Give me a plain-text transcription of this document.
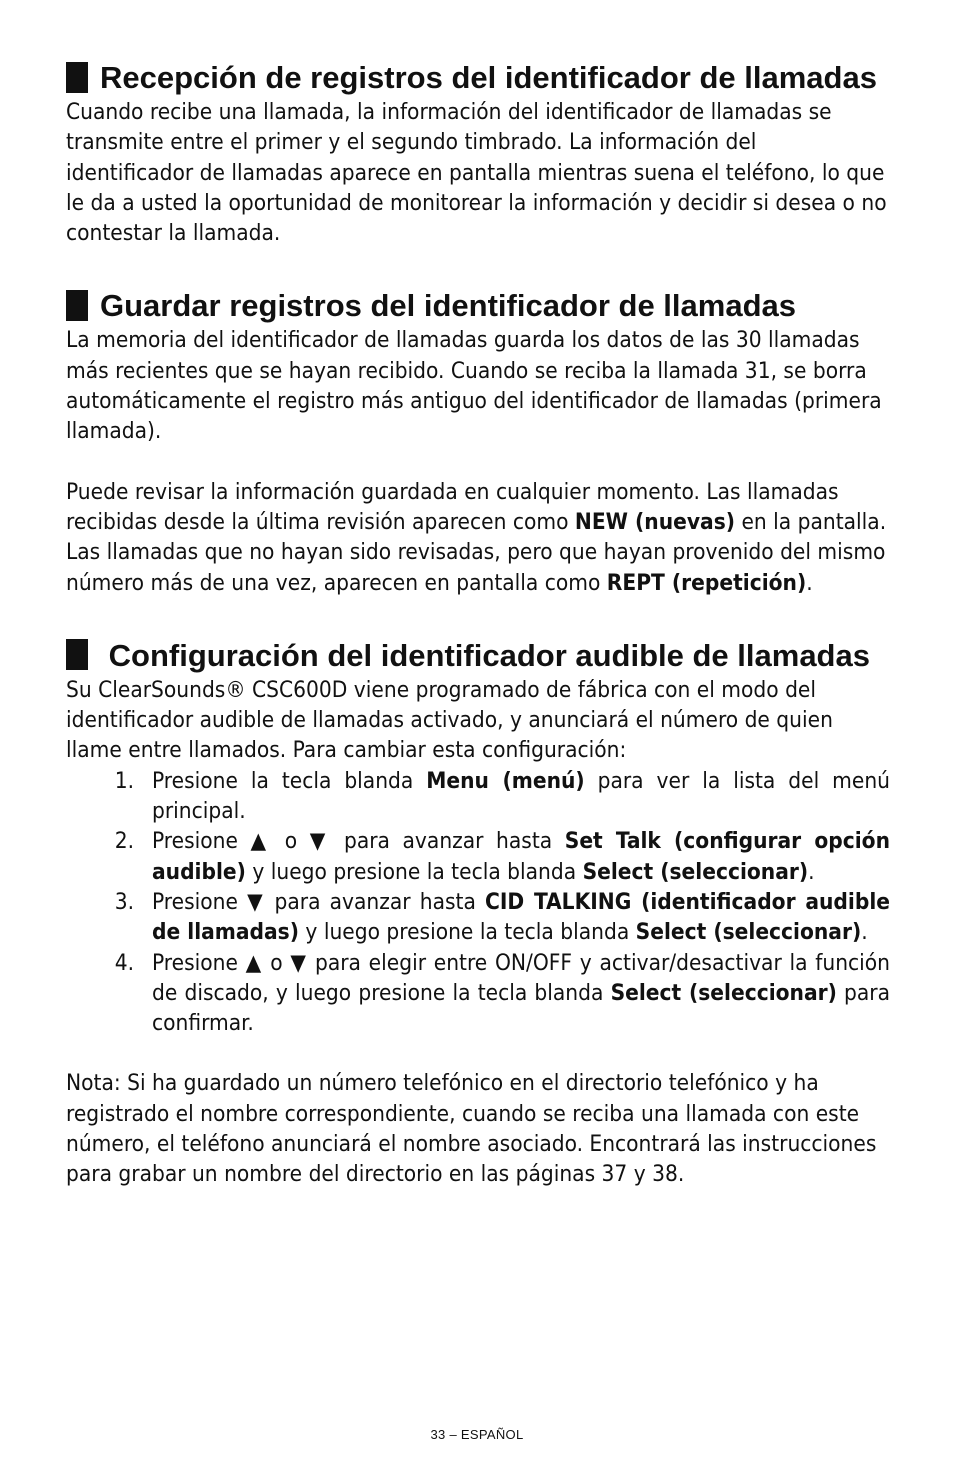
Recepción de registros del identificador de llamadas

Cuando recibe una llamada, la información del identificador de llamadas se transmite entre el primer y el segundo timbrado. La información del identificador de llamadas aparece en pantalla mientras suena el teléfono, lo que le da a usted la oportunidad de monitorear la información y decidir si desea o no contestar la llamada.

Guardar registros del identificador de llamadas

La memoria del identificador de llamadas guarda los datos de las 30 llamadas más recientes que se hayan recibido. Cuando se reciba la llamada 31, se borra automáticamente el registro más antiguo del identificador de llamadas (primera llamada).

Puede revisar la información guardada en cualquier momento. Las llamadas recibidas desde la última revisión aparecen como NEW (nuevas) en la pantalla. Las llamadas que no hayan sido revisadas, pero que hayan provenido del mismo número más de una vez, aparecen en pantalla como REPT (repetición).

Configuración del identificador audible de llamadas

Su ClearSounds® CSC600D viene programado de fábrica con el modo del identificador audible de llamadas activado, y anunciará el número de quien llame entre llamados. Para cambiar esta configuración:

1. Presione la tecla blanda Menu (menú) para ver la lista del menú principal.
2. Presione ▲ o ▼ para avanzar hasta Set Talk (configurar opción audible) y luego presione la tecla blanda Select (seleccionar).
3. Presione ▼ para avanzar hasta CID TALKING (identificador audible de llamadas) y luego presione la tecla blanda Select (seleccionar).
4. Presione ▲ o ▼ para elegir entre ON/OFF y activar/desactivar la función de discado, y luego presione la tecla blanda Select (seleccionar) para confirmar.

Nota: Si ha guardado un número telefónico en el directorio telefónico y ha registrado el nombre correspondiente, cuando se reciba una llamada con este número, el teléfono anunciará el nombre asociado. Encontrará las instrucciones para grabar un nombre del directorio en las páginas 37 y 38.

33 – ESPAÑOL
